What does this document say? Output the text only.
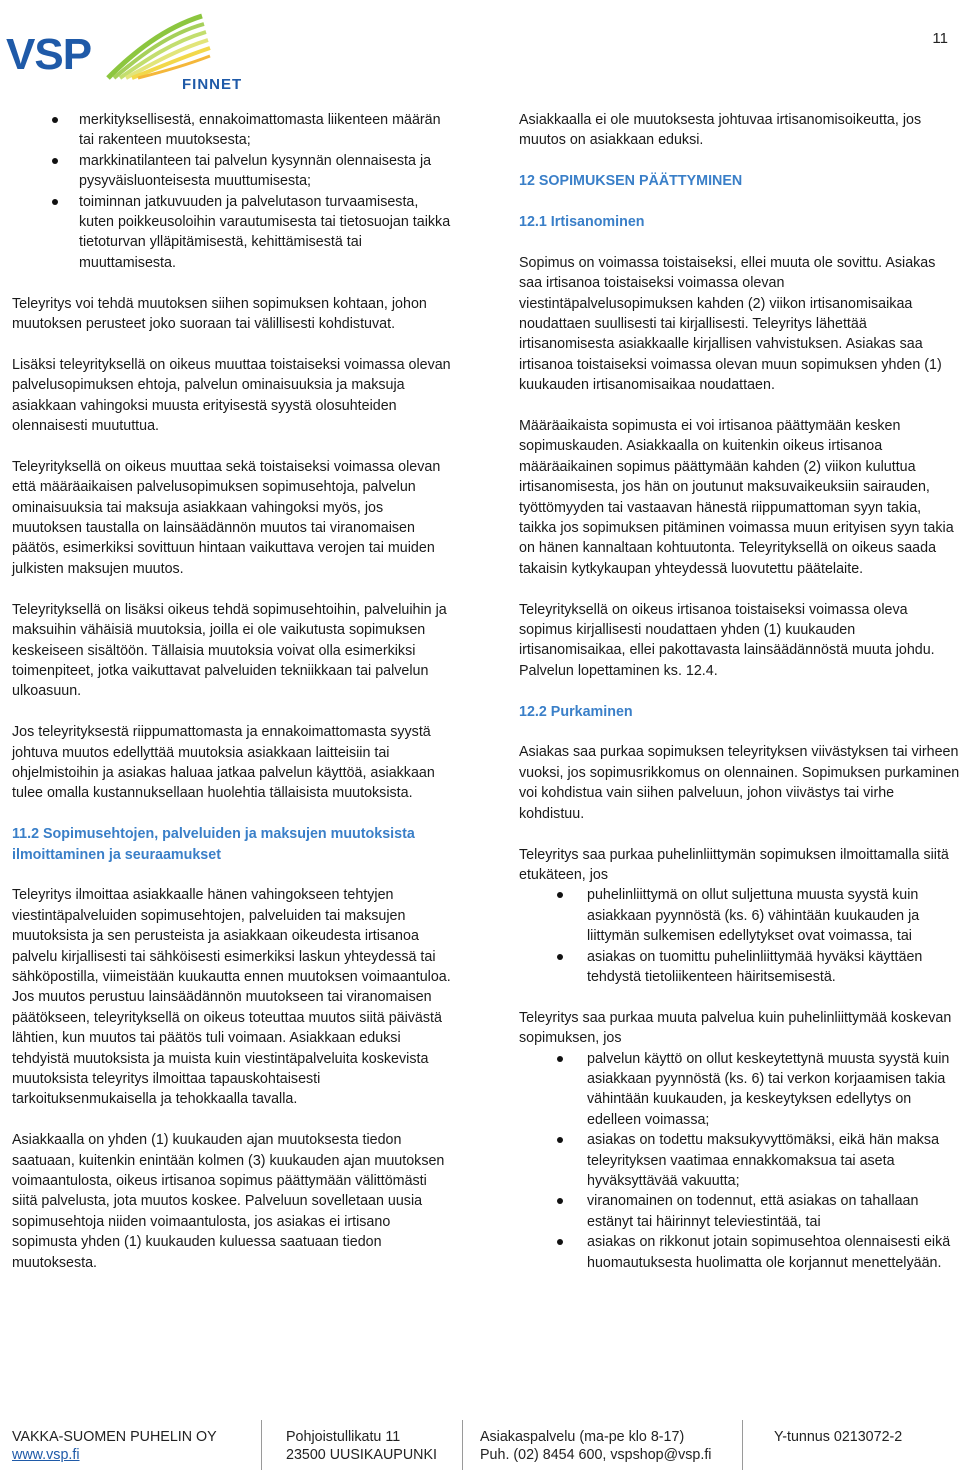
VSP
FINNET
11
merkityksellisestä, ennakoimattomasta liikenteen määrän tai rakenteen muutoksesta;
markkinatilanteen tai palvelun kysynnän olennaisesta ja pysyväisluonteisesta muuttumisesta;
toiminnan jatkuvuuden ja palvelutason turvaamisesta, kuten poikkeusoloihin varautumisesta tai tietosuojan taikka tietoturvan ylläpitämisestä, kehittämisestä tai muuttamisesta.

Teleyritys voi tehdä muutoksen siihen sopimuksen kohtaan, johon muutoksen perusteet joko suoraan tai välillisesti kohdistuvat.

Lisäksi teleyrityksellä on oikeus muuttaa toistaiseksi voimassa olevan palvelusopimuksen ehtoja, palvelun ominaisuuksia ja maksuja asiakkaan vahingoksi muusta erityisestä syystä olosuhteiden olennaisesti muututtua.

Teleyrityksellä on oikeus muuttaa sekä toistaiseksi voimassa olevan että määräaikaisen palvelusopimuksen sopimusehtoja, palvelun ominaisuuksia tai maksuja asiakkaan vahingoksi myös, jos muutoksen taustalla on lainsäädännön muutos tai viranomaisen päätös, esimerkiksi sovittuun hintaan vaikuttava verojen tai muiden julkisten maksujen muutos.

Teleyrityksellä on lisäksi oikeus tehdä sopimusehtoihin, palveluihin ja maksuihin vähäisiä muutoksia, joilla ei ole vaikutusta sopimuksen keskeiseen sisältöön. Tällaisia muutoksia voivat olla esimerkiksi toimenpiteet, jotka vaikuttavat palveluiden tekniikkaan tai palvelun ulkoasuun.

Jos teleyrityksestä riippumattomasta ja ennakoimattomasta syystä johtuva muutos edellyttää muutoksia asiakkaan laitteisiin tai ohjelmistoihin ja asiakas haluaa jatkaa palvelun käyttöä, asiakkaan tulee omalla kustannuksellaan huolehtia tällaisista muutoksista.

11.2 Sopimusehtojen, palveluiden ja maksujen muutoksista ilmoittaminen ja seuraamukset

Teleyritys ilmoittaa asiakkaalle hänen vahingokseen tehtyjen viestintäpalveluiden sopimusehtojen, palveluiden tai maksujen muutoksista ja sen perusteista ja asiakkaan oikeudesta irtisanoa palvelu kirjallisesti tai sähköisesti esimerkiksi laskun yhteydessä tai sähköpostilla, viimeistään kuukautta ennen muutoksen voimaantuloa. Jos muutos perustuu lainsäädännön muutokseen tai viranomaisen päätökseen, teleyrityksellä on oikeus toteuttaa muutos siitä päivästä lähtien, kun muutos tai päätös tuli voimaan. Asiakkaan eduksi tehdyistä muutoksista ja muista kuin viestintäpalveluita koskevista muutoksista teleyritys ilmoittaa tapauskohtaisesti tarkoituksenmukaisella ja tehokkaalla tavalla.

Asiakkaalla on yhden (1) kuukauden ajan muutoksesta tiedon saatuaan, kuitenkin enintään kolmen (3) kuukauden ajan muutoksen voimaantulosta, oikeus irtisanoa sopimus päättymään välittömästi siitä palvelusta, jota muutos koskee. Palveluun sovelletaan uusia sopimusehtoja niiden voimaantulosta, jos asiakas ei irtisano sopimusta yhden (1) kuukauden kuluessa saatuaan tiedon muutoksesta.

Asiakkaalla ei ole muutoksesta johtuvaa irtisanomisoikeutta, jos muutos on asiakkaan eduksi.

12 SOPIMUKSEN PÄÄTTYMINEN
12.1 Irtisanominen

Sopimus on voimassa toistaiseksi, ellei muuta ole sovittu. Asiakas saa irtisanoa toistaiseksi voimassa olevan viestintäpalvelusopimuksen kahden (2) viikon irtisanomisaikaa noudattaen suullisesti tai kirjallisesti. Teleyritys lähettää irtisanomisesta asiakkaalle kirjallisen vahvistuksen. Asiakas saa irtisanoa toistaiseksi voimassa olevan muun sopimuksen yhden (1) kuukauden irtisanomisaikaa noudattaen.

Määräaikaista sopimusta ei voi irtisanoa päättymään kesken sopimuskauden. Asiakkaalla on kuitenkin oikeus irtisanoa määräaikainen sopimus päättymään kahden (2) viikon kuluttua irtisanomisesta, jos hän on joutunut maksuvaikeuksiin sairauden, työttömyyden tai vastaavan hänestä riippumattoman syyn takia, taikka jos sopimuksen pitäminen voimassa muun erityisen syyn takia on hänen kannaltaan kohtuutonta. Teleyrityksellä on oikeus saada takaisin kytkykaupan yhteydessä luovutettu päätelaite.

Teleyrityksellä on oikeus irtisanoa toistaiseksi voimassa oleva sopimus kirjallisesti noudattaen yhden (1) kuukauden irtisanomisaikaa, ellei pakottavasta lainsäädännöstä muuta johdu. Palvelun lopettaminen ks. 12.4.

12.2 Purkaminen

Asiakas saa purkaa sopimuksen teleyrityksen viivästyksen tai virheen vuoksi, jos sopimusrikkomus on olennainen. Sopimuksen purkaminen voi kohdistua vain siihen palveluun, johon viivästys tai virhe kohdistuu.

Teleyritys saa purkaa puhelinliittymän sopimuksen ilmoittamalla siitä etukäteen, jos

puhelinliittymä on ollut suljettuna muusta syystä kuin asiakkaan pyynnöstä (ks. 6) vähintään kuukauden ja liittymän sulkemisen edellytykset ovat voimassa, tai
asiakas on tuomittu puhelinliittymää hyväksi käyttäen tehdystä tietoliikenteen häiritsemisestä.

Teleyritys saa purkaa muuta palvelua kuin puhelinliittymää koskevan sopimuksen, jos

palvelun käyttö on ollut keskeytettynä muusta syystä kuin asiakkaan pyynnöstä (ks. 6) tai verkon korjaamisen takia vähintään kuukauden, ja keskeytyksen edellytys on edelleen voimassa;
asiakas on todettu maksukyvyttömäksi, eikä hän maksa teleyrityksen vaatimaa ennakkomaksua tai aseta hyväksyttävää vakuutta;
viranomainen on todennut, että asiakas on tahallaan estänyt tai häirinnyt televiestintää, tai
asiakas on rikkonut jotain sopimusehtoa olennaisesti eikä huomautuksesta huolimatta ole korjannut menettelyään.
VAKKA-SUOMEN PUHELIN OY
www.vsp.fi
Pohjoistullikatu 11
23500 UUSIKAUPUNKI
Asiakaspalvelu (ma-pe klo 8-17)
Puh. (02) 8454 600, vspshop@vsp.fi
Y-tunnus 0213072-2
